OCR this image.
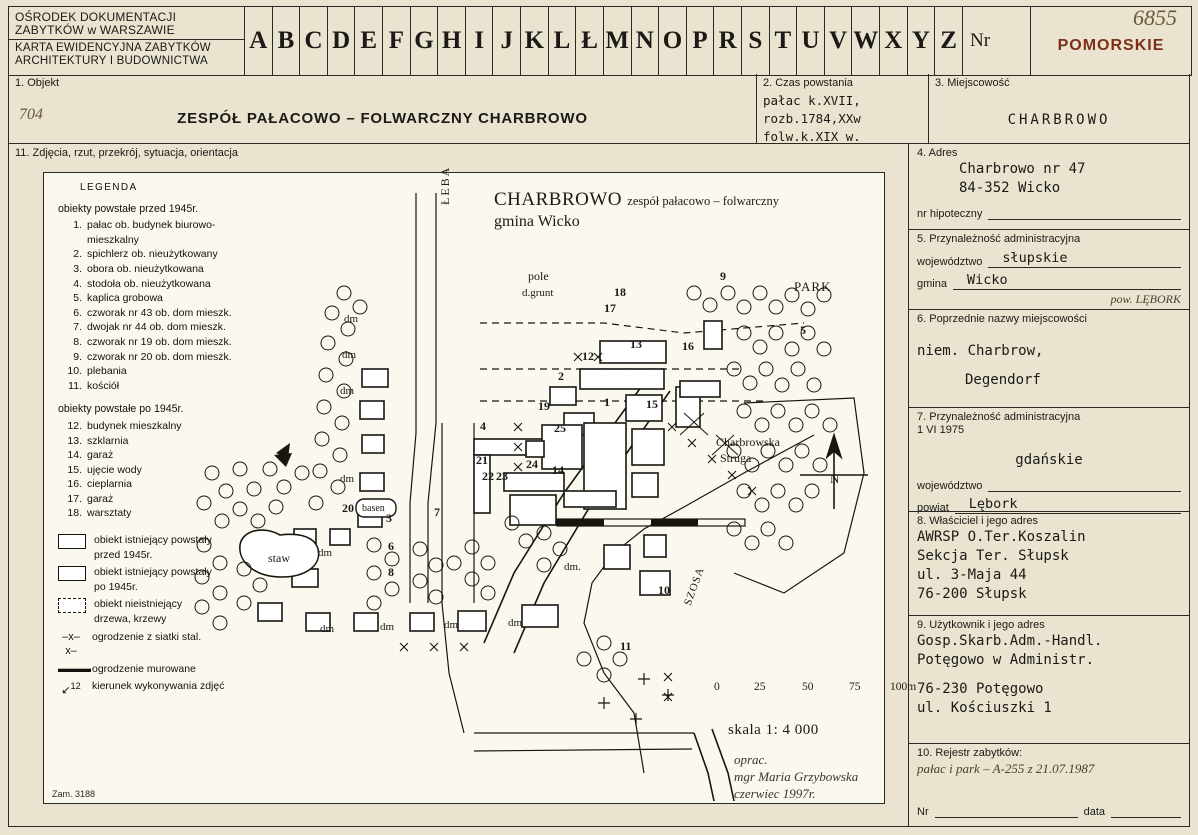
OŚRODEK DOKUMENTACJI
ZABYTKÓW w WARSZAWIE
KARTA EWIDENCYJNA ZABYTKÓW
ARCHITEKTURY I BUDOWNICTWA
A B C D E F G H I J K L Ł M N O P R S T U V W X Y Z Nr
6855
POMORSKIE
1. Objekt
704	ZESPÓŁ PAŁACOWO – FOLWARCZNY CHARBROWO
2. Czas powstania
pałac k.XVII,
rozb.1784,XXw
folw.k.XIX w.
3. Miejscowość
CHARBROWO
11. Zdjęcia, rzut, przekrój, sytuacja, orientacja
LEGENDA
obiekty powstałe przed 1945r.
1. pałac ob. budynek biurowo-
mieszkalny
2. spichlerz ob. nieużytkowany
3. obora ob. nieużytkowana
4. stodoła ob. nieużytkowana
5. kaplica grobowa
6. czworak nr 43 ob. dom mieszk.
7. dwojak nr 44 ob. dom mieszk.
8. czworak nr 19 ob. dom mieszk.
9. czworak nr 20 ob. dom mieszk.
10. plebania
11. kościół
obiekty powstałe po 1945r.
12. budynek mieszkalny
13. szklarnia
14. garaż
15. ujęcie wody
16. cieplarnia
17. garaż
18. warsztaty
obiekt istniejący powstały
przed 1945r.
obiekt istniejący powstały
po 1945r.
obiekt nieistniejący
drzewa, krzewy
–x–x–
ogrodzenie z siatki stal.
▬▬▬ ogrodzenie murowane
↙$^{12}$	kierunek wykonywania zdjęć
CHARBROWO zespół pałacowo – folwarczny
gmina Wicko
ŁEBA
pole
d.grunt	PARK
Charbrowska
Struga
staw
basen
SZOSA
N
dm
dm
dm
dm
dm
dm	dm	dm	dm
dm.
1
2
3
4
5
6
7
8
9
10
11
12
13
14
15
16
17
18
19
20
21
22 23
24
25
0	25	50	75	100m
skala 1: 4 000
oprac.
mgr Maria Grzybowska
czerwiec 1997r.
Zam. 3188
4. Adres
Charbrowo nr 47
84-352 Wicko
nr hipoteczny
5. Przynależność administracyjna
województwo słupskie
gmina Wicko
pow. LĘBORK
6. Poprzednie nazwy miejscowości
niem. Charbrow,
Degendorf
7. Przynależność administracyjna
1 VI 1975
gdańskie
województwo
powiat Lębork
8. Właściciel i jego adres
AWRSP O.Ter.Koszalin
Sekcja Ter. Słupsk
ul. 3-Maja 44
76-200 Słupsk
9. Użytkownik i jego adres
Gosp.Skarb.Adm.-Handl.
Potęgowo w Administr.
76-230 Potęgowo
ul. Kościuszki 1
10. Rejestr zabytków:
pałac i park – A-255 z 21.07.1987
Nr	data
